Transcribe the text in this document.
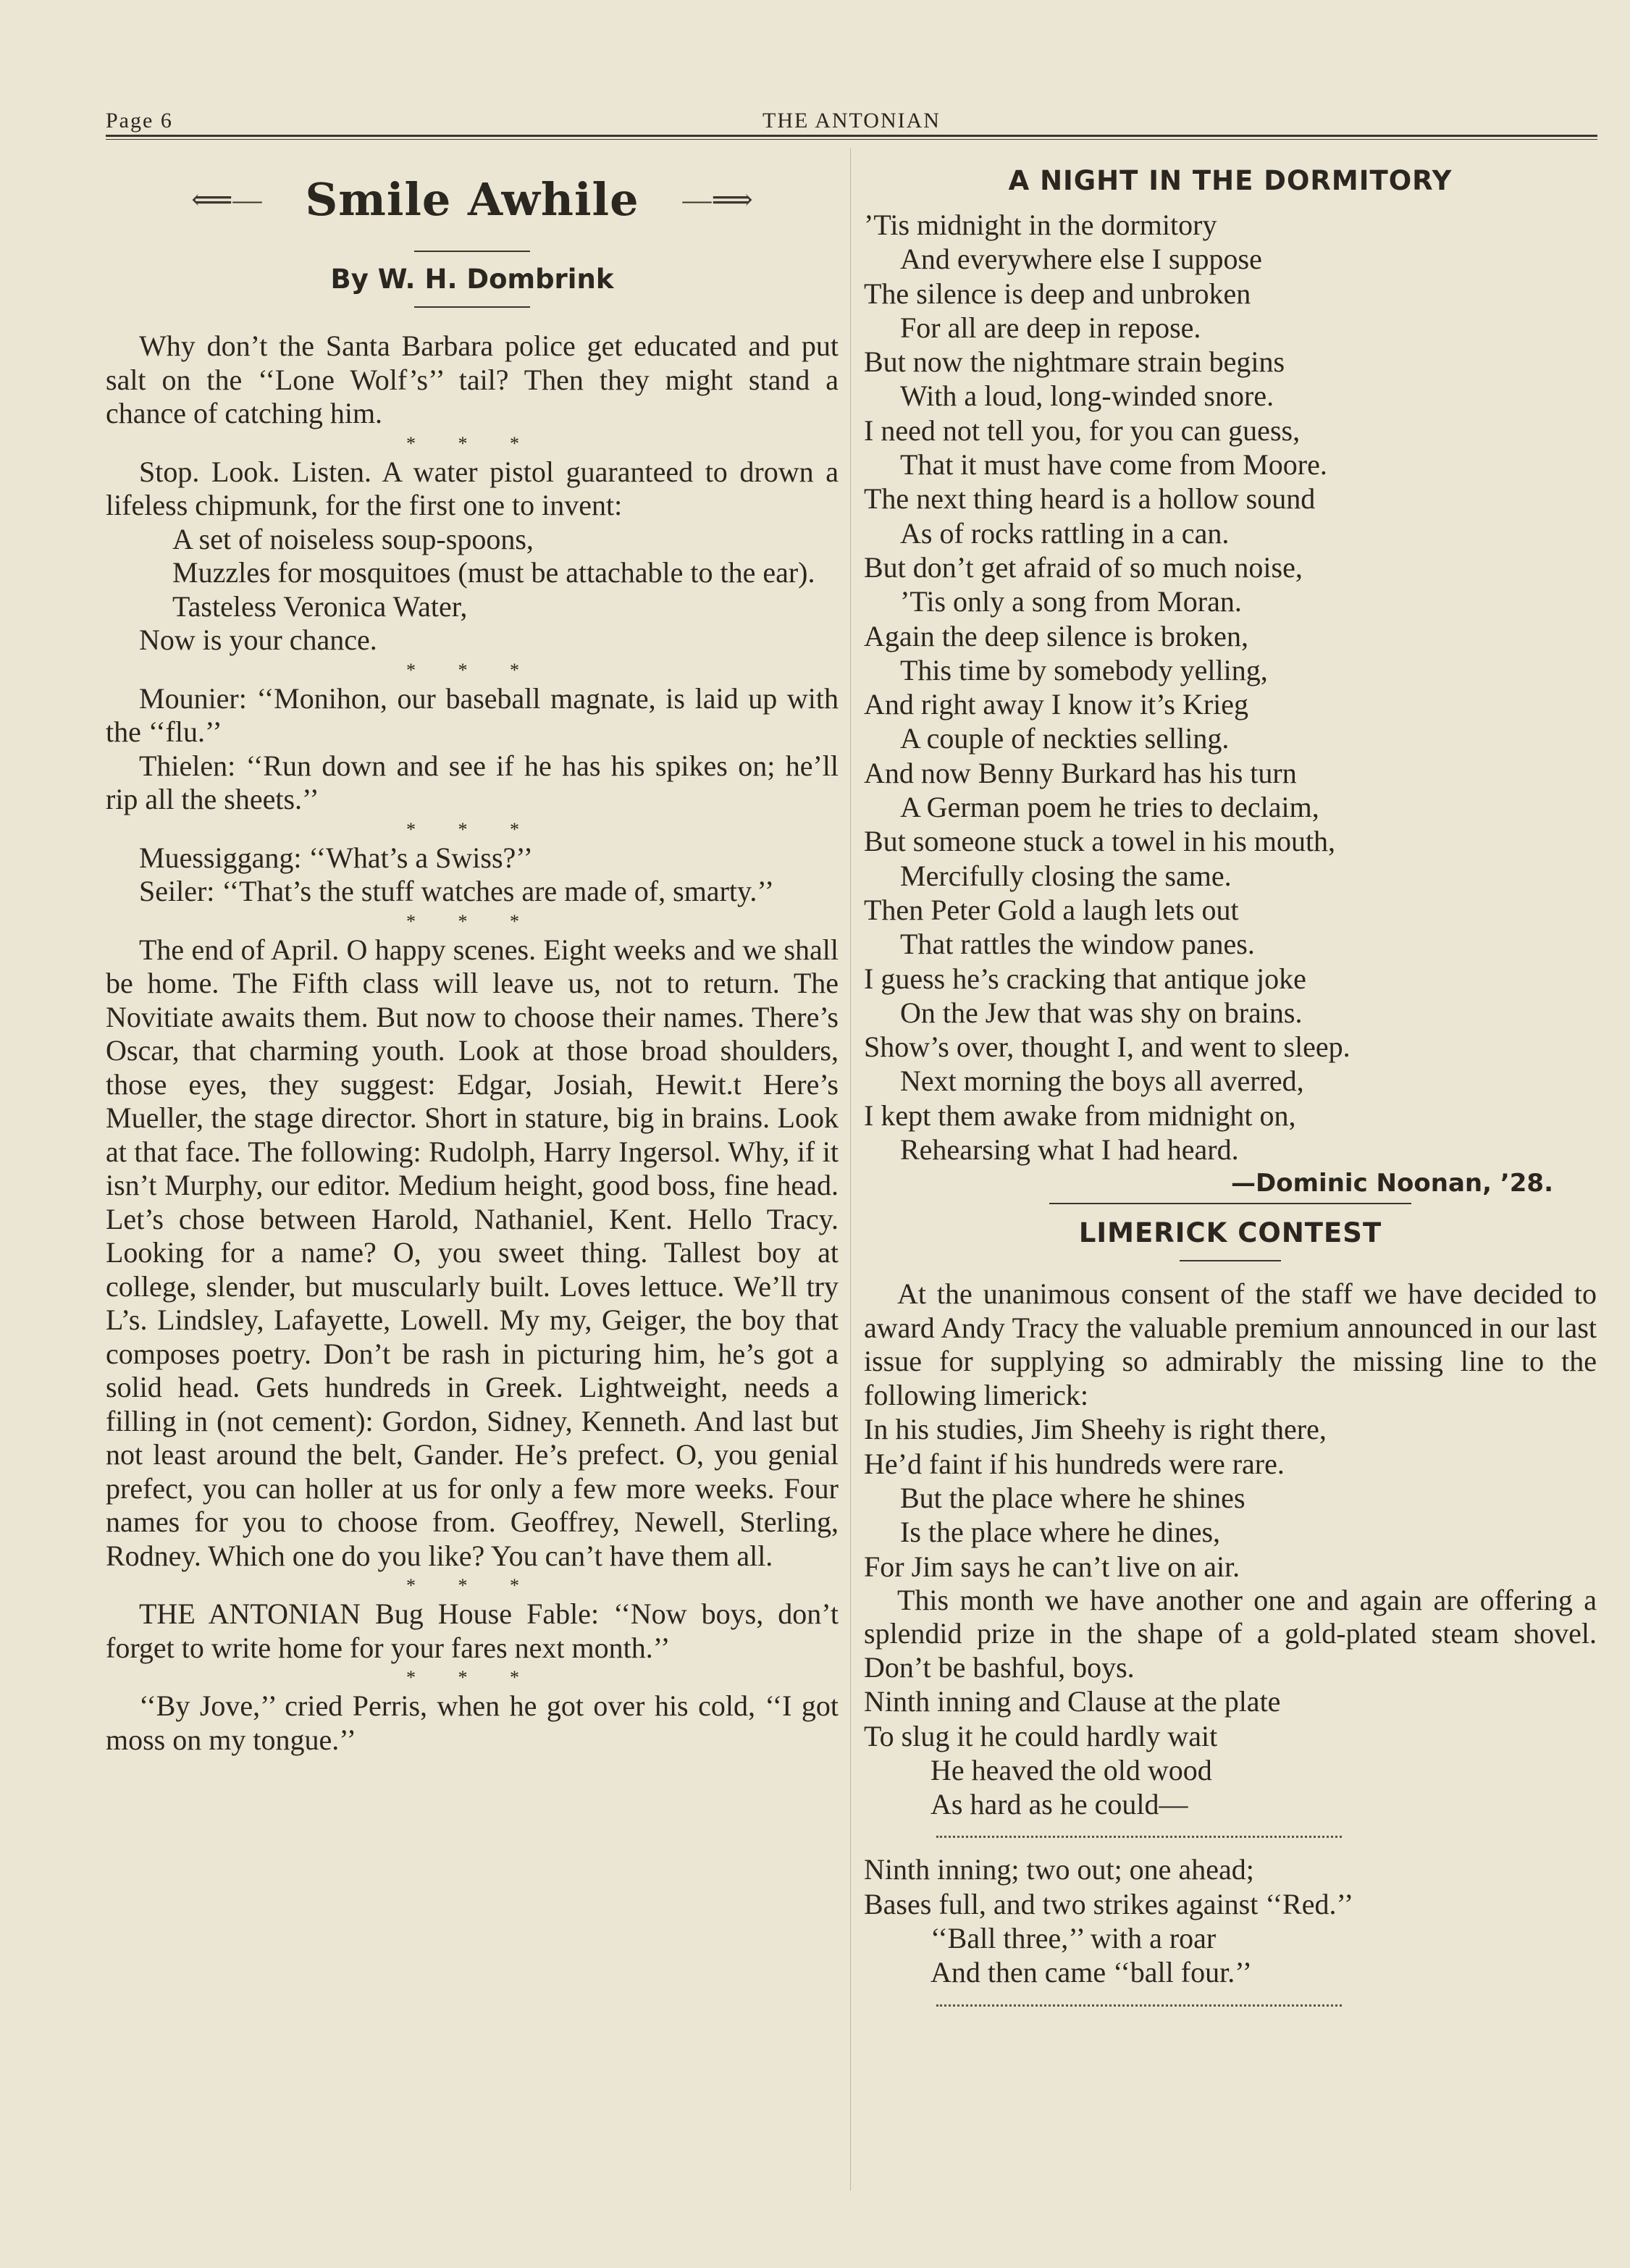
Page 6	THE ANTONIAN
⟸— Smile Awhile —⟹
By W. H. Dombrink

Why don’t the Santa Barbara police get educated and put salt on the ‘‘Lone Wolf’s’’ tail? Then they might stand a chance of catching him.

* * *

Stop. Look. Listen. A water pistol guaranteed to drown a lifeless chipmunk, for the first one to invent:

A set of noiseless soup-spoons,

Muzzles for mosquitoes (must be attachable to the ear).

Tasteless Veronica Water,

Now is your chance.

* * *

Mounier: ‘‘Monihon, our baseball magnate, is laid up with the ‘‘flu.’’

Thielen: ‘‘Run down and see if he has his spikes on; he’ll rip all the sheets.’’

* * *

Muessiggang: ‘‘What’s a Swiss?’’

Seiler: ‘‘That’s the stuff watches are made of, smarty.’’

* * *

The end of April. O happy scenes. Eight weeks and we shall be home. The Fifth class will leave us, not to return. The Novitiate awaits them. But now to choose their names. There’s Oscar, that charming youth. Look at those broad shoulders, those eyes, they suggest: Edgar, Josiah, Hewit.t Here’s Mueller, the stage director. Short in stature, big in brains. Look at that face. The following: Rudolph, Harry Ingersol. Why, if it isn’t Murphy, our editor. Medium height, good boss, fine head. Let’s chose between Harold, Nathaniel, Kent. Hello Tracy. Looking for a name? O, you sweet thing. Tallest boy at college, slender, but muscularly built. Loves lettuce. We’ll try L’s. Lindsley, Lafayette, Lowell. My my, Geiger, the boy that composes poetry. Don’t be rash in picturing him, he’s got a solid head. Gets hundreds in Greek. Lightweight, needs a filling in (not cement): Gordon, Sidney, Kenneth. And last but not least around the belt, Gander. He’s prefect. O, you genial prefect, you can holler at us for only a few more weeks. Four names for you to choose from. Geoffrey, Newell, Sterling, Rodney. Which one do you like? You can’t have them all.

* * *

THE ANTONIAN Bug House Fable: ‘‘Now boys, don’t forget to write home for your fares next month.’’

* * *

‘‘By Jove,’’ cried Perris, when he got over his cold, ‘‘I got moss on my tongue.’’

A NIGHT IN THE DORMITORY
’Tis midnight in the dormitory
And everywhere else I suppose
The silence is deep and unbroken
For all are deep in repose.
But now the nightmare strain begins
With a loud, long-winded snore.
I need not tell you, for you can guess,
That it must have come from Moore.
The next thing heard is a hollow sound
As of rocks rattling in a can.
But don’t get afraid of so much noise,
’Tis only a song from Moran.
Again the deep silence is broken,
This time by somebody yelling,
And right away I know it’s Krieg
A couple of neckties selling.
And now Benny Burkard has his turn
A German poem he tries to declaim,
But someone stuck a towel in his mouth,
Mercifully closing the same.
Then Peter Gold a laugh lets out
That rattles the window panes.
I guess he’s cracking that antique joke
On the Jew that was shy on brains.
Show’s over, thought I, and went to sleep.
Next morning the boys all averred,
I kept them awake from midnight on,
Rehearsing what I had heard.
—Dominic Noonan, ’28.
LIMERICK CONTEST

At the unanimous consent of the staff we have decided to award Andy Tracy the valuable premium announced in our last issue for supplying so admirably the missing line to the following limerick:

In his studies, Jim Sheehy is right there,
He’d faint if his hundreds were rare.
But the place where he shines
Is the place where he dines,
For Jim says he can’t live on air.

This month we have another one and again are offering a splendid prize in the shape of a gold-plated steam shovel. Don’t be bashful, boys.

Ninth inning and Clause at the plate
To slug it he could hardly wait
He heaved the old wood
As hard as he could—
Ninth inning; two out; one ahead;
Bases full, and two strikes against ‘‘Red.’’
‘‘Ball three,’’ with a roar
And then came ‘‘ball four.’’
